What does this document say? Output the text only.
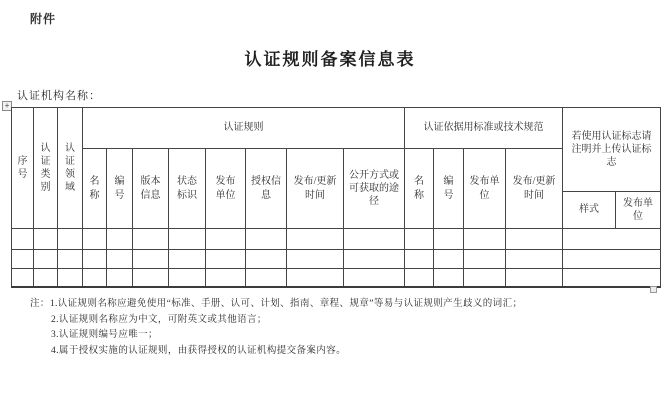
附件
认证规则备案信息表
认证机构名称：
+
序号	认证类别	认证领域	认证规则								认证依据用标准或技术规范				若使用认证标志请注明并上传认证标志	
			名称	编号	版本信息	状态标识	发布单位	授权信息	发布/更新时间	公开方式或可获取的途径	名称	编号	发布单位	发布/更新时间		
															样式	发布单位

注： 1.认证规则名称应避免使用“标准、手册、认可、计划、指南、章程、规章”等易与认证规则产生歧义的词汇；
2.认证规则名称应为中文，可附英文或其他语言；
3.认证规则编号应唯一；
4.属于授权实施的认证规则，由获得授权的认证机构提交备案内容。
